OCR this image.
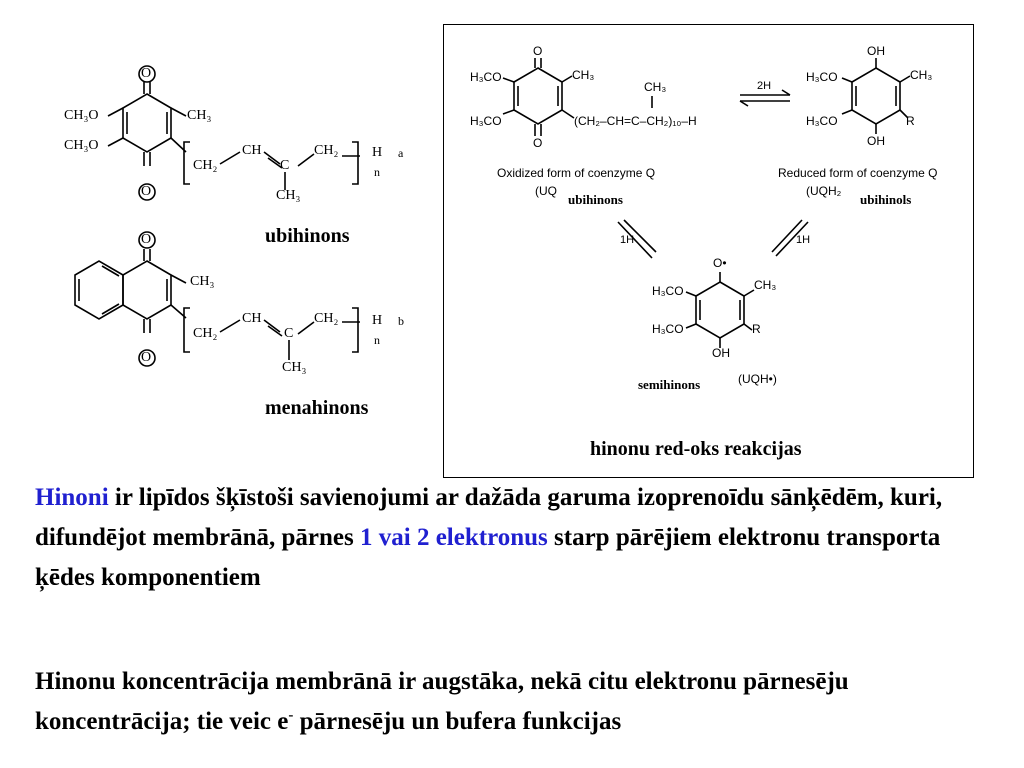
O
O
CH₃O
CH₃O
CH₃
CH₂
CH
C
CH₂
CH₃
H
n
a
ubihinons
O
O
CH₃
CH₂
CH
C
CH₂
CH₃
H
n
b
menahinons
O
O
H₃CO
H₃CO
CH₃
CH₃
(CH₂–CH=C–CH₂)₁₀–H
Oxidized form of coenzyme Q
(UQ
ubihinons
2H
OH
OH
H₃CO
H₃CO
CH₃
R
Reduced form of coenzyme Q
(UQH₂
ubihinols
1H	1H
O•
OH
H₃CO
H₃CO
CH₃
R
semihinons	(UQH•)
hinonu red-oks reakcijas
Hinoni ir lipīdos šķīstoši savienojumi ar dažāda garuma izoprenoīdu sānķēdēm, kuri, difundējot membrānā, pārnes 1 vai 2 elektronus starp pārējiem elektronu transporta ķēdes komponentiem
Hinonu koncentrācija membrānā ir augstāka, nekā citu elektronu pārnesēju koncentrācija; tie veic e- pārnesēju un bufera funkcijas
